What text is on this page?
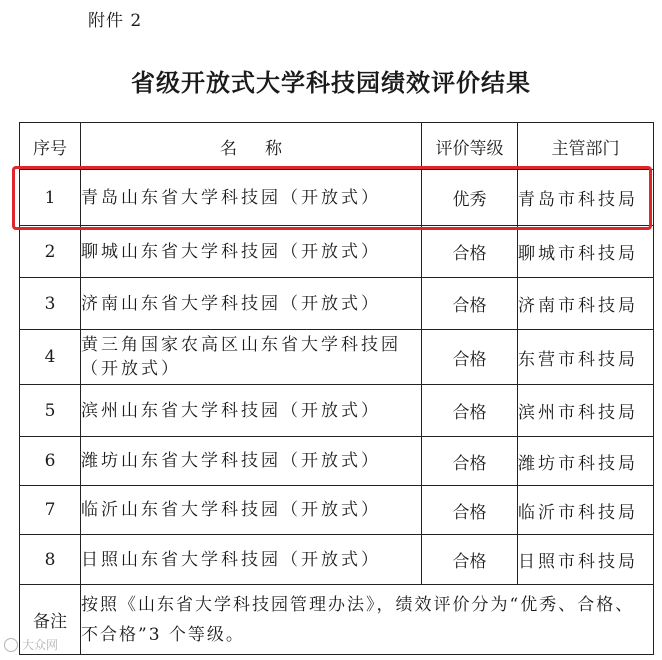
附件 2
省级开放式大学科技园绩效评价结果
序号	名 称	评价等级	主管部门
1	青岛山东省大学科技园（开放式）	优秀	青岛市科技局
2	聊城山东省大学科技园（开放式）	合格	聊城市科技局
3	济南山东省大学科技园（开放式）	合格	济南市科技局
4	黄三角国家农高区山东省大学科技园（开放式）	合格	东营市科技局
5	滨州山东省大学科技园（开放式）	合格	滨州市科技局
6	潍坊山东省大学科技园（开放式）	合格	潍坊市科技局
7	临沂山东省大学科技园（开放式）	合格	临沂市科技局
8	日照山东省大学科技园（开放式）	合格	日照市科技局
备注	按照《山东省大学科技园管理办法》，绩效评价分为“优秀、合格、不合格”3 个等级。		
大众网
